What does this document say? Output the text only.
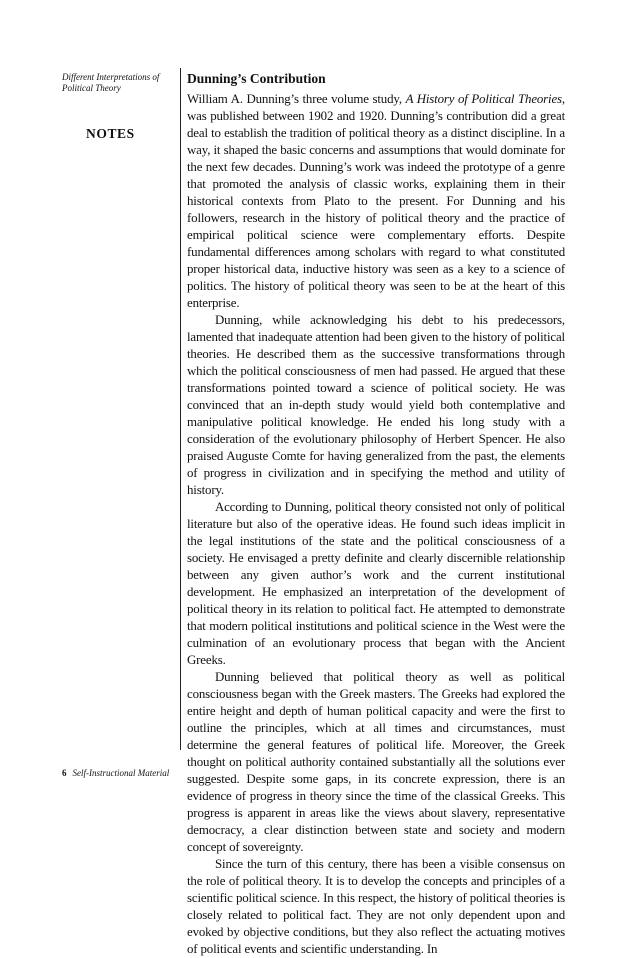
Different Interpretations of Political Theory

NOTES

Dunning’s Contribution

William A. Dunning’s three volume study, A History of Political Theories, was published between 1902 and 1920. Dunning’s contribution did a great deal to establish the tradition of political theory as a distinct discipline. In a way, it shaped the basic concerns and assumptions that would dominate for the next few decades. Dunning’s work was indeed the prototype of a genre that promoted the analysis of classic works, explaining them in their historical contexts from Plato to the present. For Dunning and his followers, research in the history of political theory and the practice of empirical political science were complementary efforts. Despite fundamental differences among scholars with regard to what constituted proper historical data, inductive history was seen as a key to a science of politics. The history of political theory was seen to be at the heart of this enterprise.

Dunning, while acknowledging his debt to his predecessors, lamented that inadequate attention had been given to the history of political theories. He described them as the successive transformations through which the political consciousness of men had passed. He argued that these transformations pointed toward a science of political society. He was convinced that an in-depth study would yield both contemplative and manipulative political knowledge. He ended his long study with a consideration of the evolutionary philosophy of Herbert Spencer. He also praised Auguste Comte for having generalized from the past, the elements of progress in civilization and in specifying the method and utility of history.

According to Dunning, political theory consisted not only of political literature but also of the operative ideas. He found such ideas implicit in the legal institutions of the state and the political consciousness of a society. He envisaged a pretty definite and clearly discernible relationship between any given author’s work and the current institutional development. He emphasized an interpretation of the development of political theory in its relation to political fact. He attempted to demonstrate that modern political institutions and political science in the West were the culmination of an evolutionary process that began with the Ancient Greeks.

Dunning believed that political theory as well as political consciousness began with the Greek masters. The Greeks had explored the entire height and depth of human political capacity and were the first to outline the principles, which at all times and circumstances, must determine the general features of political life. Moreover, the Greek thought on political authority contained substantially all the solutions ever suggested. Despite some gaps, in its concrete expression, there is an evidence of progress in theory since the time of the classical Greeks. This progress is apparent in areas like the views about slavery, representative democracy, a clear distinction between state and society and modern concept of sovereignty.

Since the turn of this century, there has been a visible consensus on the role of political theory. It is to develop the concepts and principles of a scientific political science. In this respect, the history of political theories is closely related to political fact. They are not only dependent upon and evoked by objective conditions, but they also reflect the actuating motives of political events and scientific understanding. In

6 Self-Instructional Material
